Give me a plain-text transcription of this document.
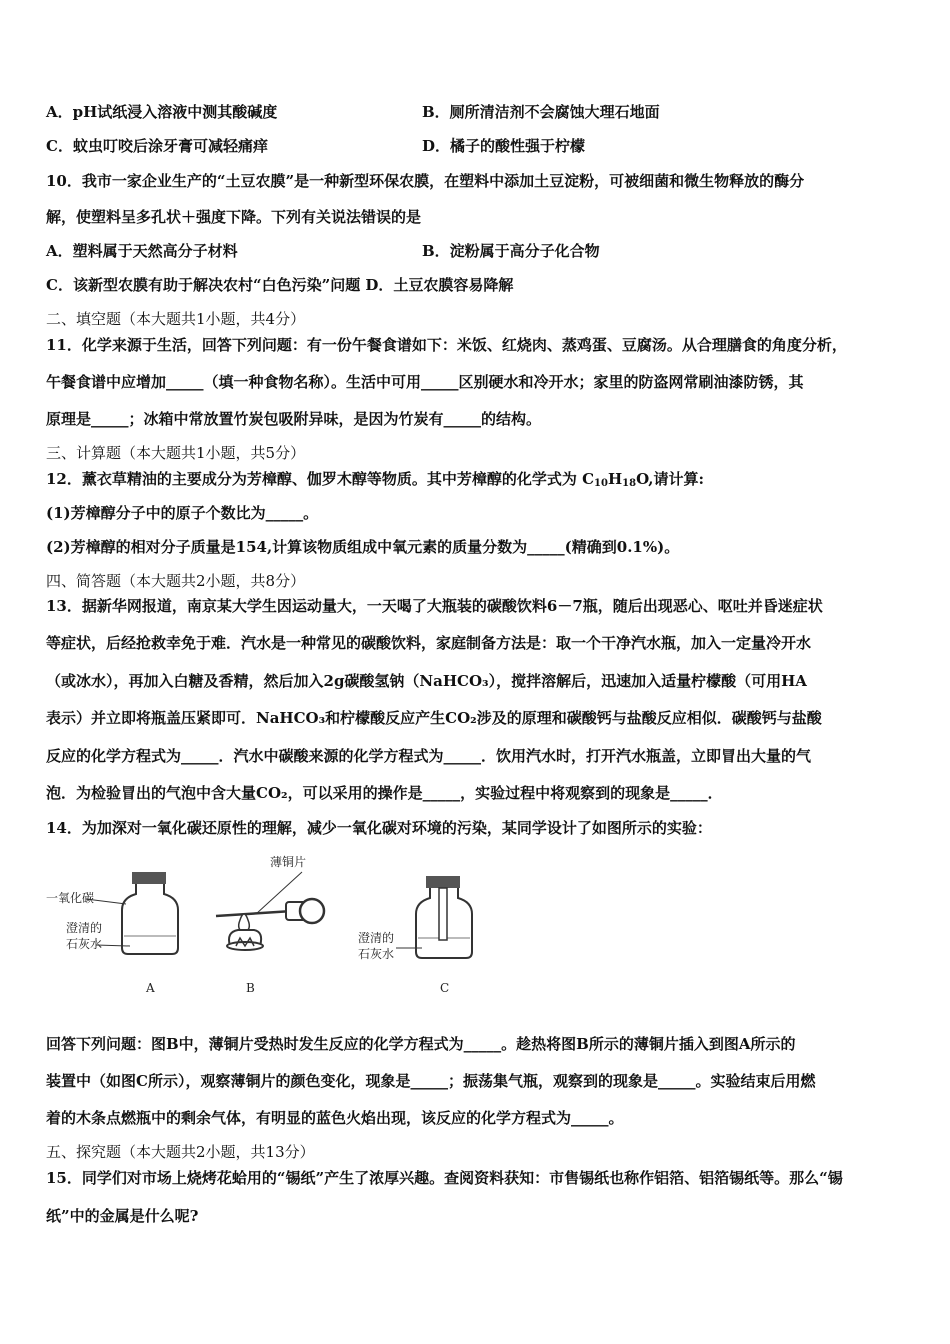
A．pH试纸浸入溶液中测其酸碱度	B．厕所清洁剂不会腐蚀大理石地面
C．蚊虫叮咬后涂牙膏可减轻痛痒	D．橘子的酸性强于柠檬
10．我市一家企业生产的“土豆农膜”是一种新型环保农膜，在塑料中添加土豆淀粉，可被细菌和微生物释放的酶分
解，使塑料呈多孔状＋强度下降。下列有关说法错误的是
A．塑料属于天然高分子材料	B．淀粉属于高分子化合物
C．该新型农膜有助于解决农村“白色污染”问题 D．土豆农膜容易降解
二、填空题（本大题共1小题，共4分）
11．化学来源于生活，回答下列问题：有一份午餐食谱如下：米饭、红烧肉、蒸鸡蛋、豆腐汤。从合理膳食的角度分析，
午餐食谱中应增加_____（填一种食物名称）。生活中可用_____区别硬水和冷开水；家里的防盗网常刷油漆防锈，其
原理是_____；冰箱中常放置竹炭包吸附异味，是因为竹炭有_____的结构。
三、计算题（本大题共1小题，共5分）
12．薰衣草精油的主要成分为芳樟醇、伽罗木醇等物质。其中芳樟醇的化学式为 $C_{10}H_{18}O$,请计算:
(1)芳樟醇分子中的原子个数比为_____。
(2)芳樟醇的相对分子质量是154,计算该物质组成中氧元素的质量分数为_____(精确到0.1%)。
四、简答题（本大题共2小题，共8分）
13．据新华网报道，南京某大学生因运动量大，一天喝了大瓶装的碳酸饮料6－7瓶，随后出现恶心、呕吐并昏迷症状
等症状，后经抢救幸免于难．汽水是一种常见的碳酸饮料，家庭制备方法是：取一个干净汽水瓶，加入一定量冷开水
（或冰水），再加入白糖及香精，然后加入2g碳酸氢钠（NaHCO₃），搅拌溶解后，迅速加入适量柠檬酸（可用HA
表示）并立即将瓶盖压紧即可．NaHCO₃和柠檬酸反应产生CO₂涉及的原理和碳酸钙与盐酸反应相似．碳酸钙与盐酸
反应的化学方程式为_____．汽水中碳酸来源的化学方程式为_____．饮用汽水时，打开汽水瓶盖，立即冒出大量的气
泡．为检验冒出的气泡中含大量CO₂，可以采用的操作是_____，实验过程中将观察到的现象是_____．
14．为加深对一氧化碳还原性的理解，减少一氧化碳对环境的污染，某同学设计了如图所示的实验：
一氧化碳
澄清的
石灰水
A
薄铜片
B
澄清的
石灰水
C
回答下列问题：图B中，薄铜片受热时发生反应的化学方程式为_____。趁热将图B所示的薄铜片插入到图A所示的
装置中（如图C所示），观察薄铜片的颜色变化，现象是_____；振荡集气瓶，观察到的现象是_____。实验结束后用燃
着的木条点燃瓶中的剩余气体，有明显的蓝色火焰出现，该反应的化学方程式为_____。
五、探究题（本大题共2小题，共13分）
15．同学们对市场上烧烤花蛤用的“锡纸”产生了浓厚兴趣。查阅资料获知：市售锡纸也称作铝箔、铝箔锡纸等。那么“锡
纸”中的金属是什么呢?
